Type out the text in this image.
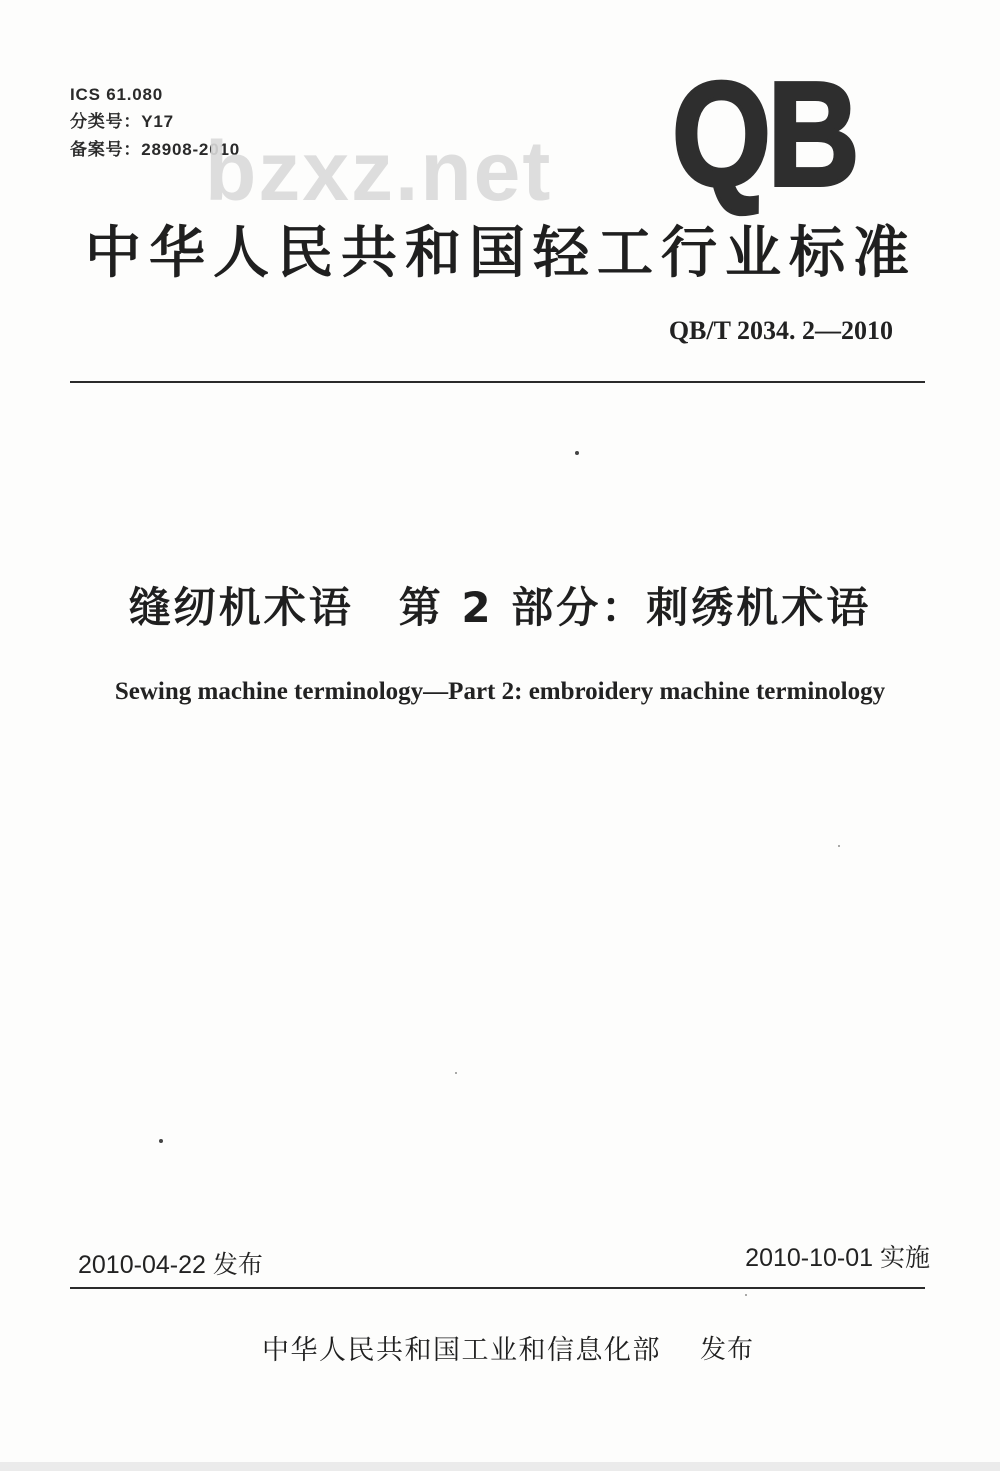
ICS 61.080
分类号：Y17
备案号：28908-2010
bzxz.net QB
中华人民共和国轻工行业标准
QB/T 2034. 2—2010
缝纫机术语　第 2 部分：刺绣机术语
Sewing machine terminology—Part 2: embroidery machine terminology
2010-04-22 发布	2010-10-01 实施
中华人民共和国工业和信息化部 发布
